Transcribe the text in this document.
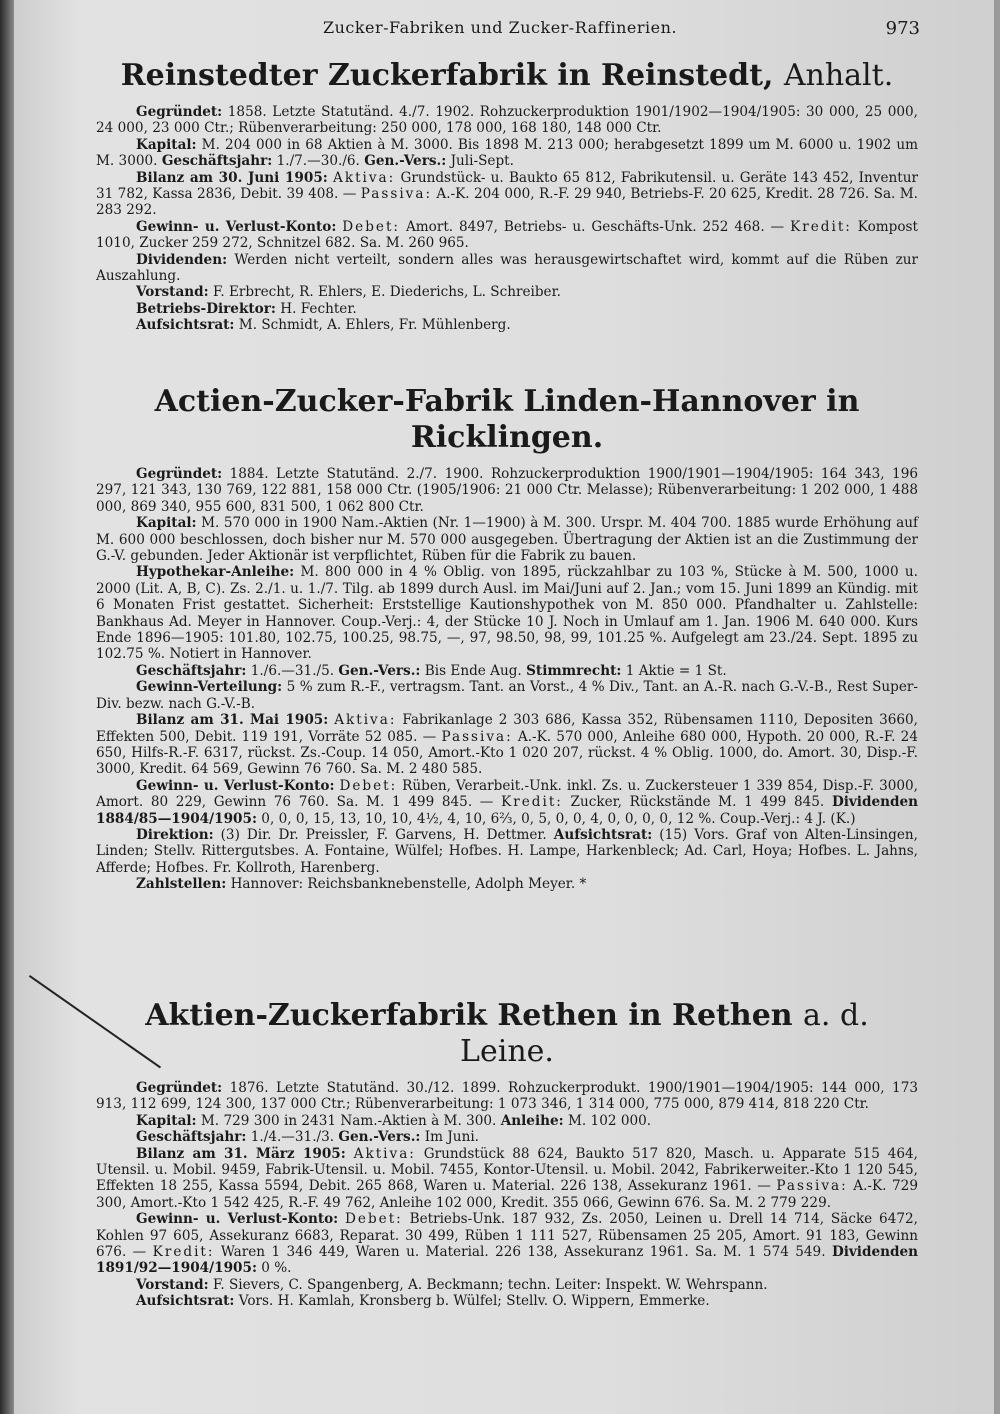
Zucker-Fabriken und Zucker-Raffinerien.	973
Reinstedter Zuckerfabrik in Reinstedt, Anhalt.

Gegründet: 1858. Letzte Statutänd. 4./7. 1902. Rohzuckerproduktion 1901/1902—1904/1905: 30 000, 25 000, 24 000, 23 000 Ctr.; Rübenverarbeitung: 250 000, 178 000, 168 180, 148 000 Ctr.

Kapital: M. 204 000 in 68 Aktien à M. 3000. Bis 1898 M. 213 000; herabgesetzt 1899 um M. 6000 u. 1902 um M. 3000. Geschäftsjahr: 1./7.—30./6. Gen.-Vers.: Juli-Sept.

Bilanz am 30. Juni 1905: Aktiva: Grundstück- u. Baukto 65 812, Fabrikutensil. u. Geräte 143 452, Inventur 31 782, Kassa 2836, Debit. 39 408. — Passiva: A.-K. 204 000, R.-F. 29 940, Betriebs-F. 20 625, Kredit. 28 726. Sa. M. 283 292.

Gewinn- u. Verlust-Konto: Debet: Amort. 8497, Betriebs- u. Geschäfts-Unk. 252 468. — Kredit: Kompost 1010, Zucker 259 272, Schnitzel 682. Sa. M. 260 965.

Dividenden: Werden nicht verteilt, sondern alles was herausgewirtschaftet wird, kommt auf die Rüben zur Auszahlung.

Vorstand: F. Erbrecht, R. Ehlers, E. Diederichs, L. Schreiber.

Betriebs-Direktor: H. Fechter.

Aufsichtsrat: M. Schmidt, A. Ehlers, Fr. Mühlenberg.

Actien-Zucker-Fabrik Linden-Hannover in Ricklingen.

Gegründet: 1884. Letzte Statutänd. 2./7. 1900. Rohzuckerproduktion 1900/1901—1904/1905: 164 343, 196 297, 121 343, 130 769, 122 881, 158 000 Ctr. (1905/1906: 21 000 Ctr. Melasse); Rübenverarbeitung: 1 202 000, 1 488 000, 869 340, 955 600, 831 500, 1 062 800 Ctr.

Kapital: M. 570 000 in 1900 Nam.-Aktien (Nr. 1—1900) à M. 300. Urspr. M. 404 700. 1885 wurde Erhöhung auf M. 600 000 beschlossen, doch bisher nur M. 570 000 ausgegeben. Übertragung der Aktien ist an die Zustimmung der G.-V. gebunden. Jeder Aktionär ist verpflichtet, Rüben für die Fabrik zu bauen.

Hypothekar-Anleihe: M. 800 000 in 4 % Oblig. von 1895, rückzahlbar zu 103 %, Stücke à M. 500, 1000 u. 2000 (Lit. A, B, C). Zs. 2./1. u. 1./7. Tilg. ab 1899 durch Ausl. im Mai/Juni auf 2. Jan.; vom 15. Juni 1899 an Kündig. mit 6 Monaten Frist gestattet. Sicherheit: Erststellige Kautionshypothek von M. 850 000. Pfandhalter u. Zahlstelle: Bankhaus Ad. Meyer in Hannover. Coup.-Verj.: 4, der Stücke 10 J. Noch in Umlauf am 1. Jan. 1906 M. 640 000. Kurs Ende 1896—1905: 101.80, 102.75, 100.25, 98.75, —, 97, 98.50, 98, 99, 101.25 %. Aufgelegt am 23./24. Sept. 1895 zu 102.75 %. Notiert in Hannover.

Geschäftsjahr: 1./6.—31./5. Gen.-Vers.: Bis Ende Aug. Stimmrecht: 1 Aktie = 1 St.

Gewinn-Verteilung: 5 % zum R.-F., vertragsm. Tant. an Vorst., 4 % Div., Tant. an A.-R. nach G.-V.-B., Rest Super-Div. bezw. nach G.-V.-B.

Bilanz am 31. Mai 1905: Aktiva: Fabrikanlage 2 303 686, Kassa 352, Rübensamen 1110, Depositen 3660, Effekten 500, Debit. 119 191, Vorräte 52 085. — Passiva: A.-K. 570 000, Anleihe 680 000, Hypoth. 20 000, R.-F. 24 650, Hilfs-R.-F. 6317, rückst. Zs.-Coup. 14 050, Amort.-Kto 1 020 207, rückst. 4 % Oblig. 1000, do. Amort. 30, Disp.-F. 3000, Kredit. 64 569, Gewinn 76 760. Sa. M. 2 480 585.

Gewinn- u. Verlust-Konto: Debet: Rüben, Verarbeit.-Unk. inkl. Zs. u. Zuckersteuer 1 339 854, Disp.-F. 3000, Amort. 80 229, Gewinn 76 760. Sa. M. 1 499 845. — Kredit: Zucker, Rückstände M. 1 499 845. Dividenden 1884/85—1904/1905: 0, 0, 0, 15, 13, 10, 10, 4½, 4, 10, 6⅔, 0, 5, 0, 0, 4, 0, 0, 0, 0, 12 %. Coup.-Verj.: 4 J. (K.)

Direktion: (3) Dir. Dr. Preissler, F. Garvens, H. Dettmer. Aufsichtsrat: (15) Vors. Graf von Alten-Linsingen, Linden; Stellv. Rittergutsbes. A. Fontaine, Wülfel; Hofbes. H. Lampe, Harkenbleck; Ad. Carl, Hoya; Hofbes. L. Jahns, Afferde; Hofbes. Fr. Kollroth, Harenberg.

Zahlstellen: Hannover: Reichsbanknebenstelle, Adolph Meyer. *

Aktien-Zuckerfabrik Rethen in Rethen a. d. Leine.

Gegründet: 1876. Letzte Statutänd. 30./12. 1899. Rohzuckerprodukt. 1900/1901—1904/1905: 144 000, 173 913, 112 699, 124 300, 137 000 Ctr.; Rübenverarbeitung: 1 073 346, 1 314 000, 775 000, 879 414, 818 220 Ctr.

Kapital: M. 729 300 in 2431 Nam.-Aktien à M. 300. Anleihe: M. 102 000.

Geschäftsjahr: 1./4.—31./3. Gen.-Vers.: Im Juni.

Bilanz am 31. März 1905: Aktiva: Grundstück 88 624, Baukto 517 820, Masch. u. Apparate 515 464, Utensil. u. Mobil. 9459, Fabrik-Utensil. u. Mobil. 7455, Kontor-Utensil. u. Mobil. 2042, Fabrikerweiter.-Kto 1 120 545, Effekten 18 255, Kassa 5594, Debit. 265 868, Waren u. Material. 226 138, Assekuranz 1961. — Passiva: A.-K. 729 300, Amort.-Kto 1 542 425, R.-F. 49 762, Anleihe 102 000, Kredit. 355 066, Gewinn 676. Sa. M. 2 779 229.

Gewinn- u. Verlust-Konto: Debet: Betriebs-Unk. 187 932, Zs. 2050, Leinen u. Drell 14 714, Säcke 6472, Kohlen 97 605, Assekuranz 6683, Reparat. 30 499, Rüben 1 111 527, Rübensamen 25 205, Amort. 91 183, Gewinn 676. — Kredit: Waren 1 346 449, Waren u. Material. 226 138, Assekuranz 1961. Sa. M. 1 574 549. Dividenden 1891/92—1904/1905: 0 %.

Vorstand: F. Sievers, C. Spangenberg, A. Beckmann; techn. Leiter: Inspekt. W. Wehrspann.

Aufsichtsrat: Vors. H. Kamlah, Kronsberg b. Wülfel; Stellv. O. Wippern, Emmerke.
